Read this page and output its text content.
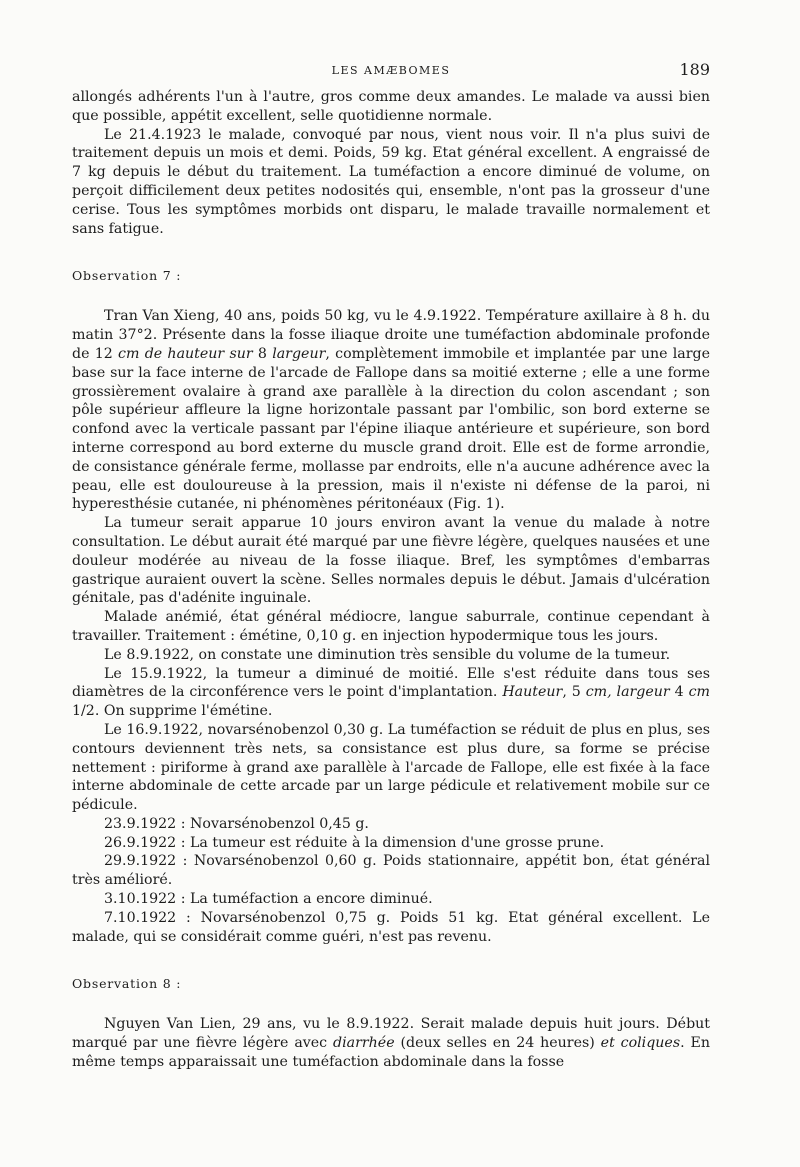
LES AMÆBOMES	189

allongés adhérents l'un à l'autre, gros comme deux amandes. Le malade va aussi bien que possible, appétit excellent, selle quotidienne normale.

Le 21.4.1923 le malade, convoqué par nous, vient nous voir. Il n'a plus suivi de traitement depuis un mois et demi. Poids, 59 kg. Etat général excellent. A engraissé de 7 kg depuis le début du traitement. La tuméfaction a encore diminué de volume, on perçoit difficilement deux petites nodosités qui, ensemble, n'ont pas la grosseur d'une cerise. Tous les symptômes morbids ont disparu, le malade travaille normalement et sans fatigue.

Observation 7 :

Tran Van Xieng, 40 ans, poids 50 kg, vu le 4.9.1922. Température axillaire à 8 h. du matin 37°2. Présente dans la fosse iliaque droite une tuméfaction abdominale profonde de 12 cm de hauteur sur 8 largeur, complètement immobile et implantée par une large base sur la face interne de l'arcade de Fallope dans sa moitié externe ; elle a une forme grossièrement ovalaire à grand axe parallèle à la direction du colon ascendant ; son pôle supérieur affleure la ligne horizontale passant par l'ombilic, son bord externe se confond avec la verticale passant par l'épine iliaque antérieure et supérieure, son bord interne correspond au bord externe du muscle grand droit. Elle est de forme arrondie, de consistance générale ferme, mollasse par endroits, elle n'a aucune adhérence avec la peau, elle est douloureuse à la pression, mais il n'existe ni défense de la paroi, ni hyperesthésie cutanée, ni phénomènes péritonéaux (Fig. 1).

La tumeur serait apparue 10 jours environ avant la venue du malade à notre consultation. Le début aurait été marqué par une fièvre légère, quelques nausées et une douleur modérée au niveau de la fosse iliaque. Bref, les symptômes d'embarras gastrique auraient ouvert la scène. Selles normales depuis le début. Jamais d'ulcération génitale, pas d'adénite inguinale.

Malade anémié, état général médiocre, langue saburrale, continue cependant à travailler. Traitement : émétine, 0,10 g. en injection hypodermique tous les jours.

Le 8.9.1922, on constate une diminution très sensible du volume de la tumeur.

Le 15.9.1922, la tumeur a diminué de moitié. Elle s'est réduite dans tous ses diamètres de la circonférence vers le point d'implantation. Hauteur, 5 cm, largeur 4 cm 1/2. On supprime l'émétine.

Le 16.9.1922, novarsénobenzol 0,30 g. La tuméfaction se réduit de plus en plus, ses contours deviennent très nets, sa consistance est plus dure, sa forme se précise nettement : piriforme à grand axe parallèle à l'arcade de Fallope, elle est fixée à la face interne abdominale de cette arcade par un large pédicule et relativement mobile sur ce pédicule.

23.9.1922 : Novarsénobenzol 0,45 g.

26.9.1922 : La tumeur est réduite à la dimension d'une grosse prune.

29.9.1922 : Novarsénobenzol 0,60 g. Poids stationnaire, appétit bon, état général très amélioré.

3.10.1922 : La tuméfaction a encore diminué.

7.10.1922 : Novarsénobenzol 0,75 g. Poids 51 kg. Etat général excellent. Le malade, qui se considérait comme guéri, n'est pas revenu.

Observation 8 :

Nguyen Van Lien, 29 ans, vu le 8.9.1922. Serait malade depuis huit jours. Début marqué par une fièvre légère avec diarrhée (deux selles en 24 heures) et coliques. En même temps apparaissait une tuméfaction abdominale dans la fosse
